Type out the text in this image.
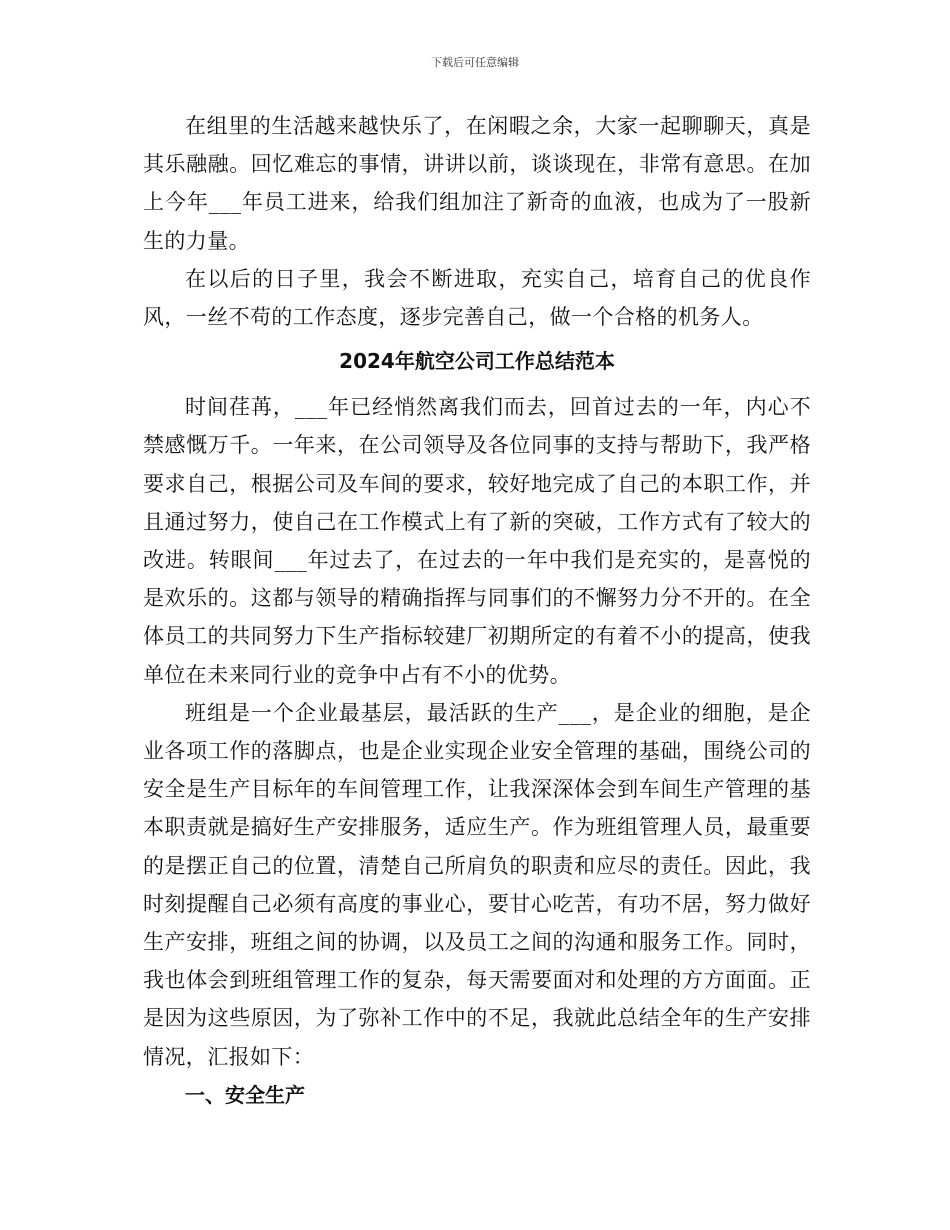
下载后可任意编辑

在组里的生活越来越快乐了，在闲暇之余，大家一起聊聊天，真是其乐融融。回忆难忘的事情，讲讲以前，谈谈现在，非常有意思。在加上今年___年员工进来，给我们组加注了新奇的血液，也成为了一股新生的力量。

在以后的日子里，我会不断进取，充实自己，培育自己的优良作风，一丝不苟的工作态度，逐步完善自己，做一个合格的机务人。

2024年航空公司工作总结范本

时间荏苒，___年已经悄然离我们而去，回首过去的一年，内心不禁感慨万千。一年来，在公司领导及各位同事的支持与帮助下，我严格要求自己，根据公司及车间的要求，较好地完成了自己的本职工作，并且通过努力，使自己在工作模式上有了新的突破，工作方式有了较大的改进。转眼间___年过去了，在过去的一年中我们是充实的，是喜悦的是欢乐的。这都与领导的精确指挥与同事们的不懈努力分不开的。在全体员工的共同努力下生产指标较建厂初期所定的有着不小的提高，使我单位在未来同行业的竞争中占有不小的优势。

班组是一个企业最基层，最活跃的生产___，是企业的细胞，是企业各项工作的落脚点，也是企业实现企业安全管理的基础，围绕公司的安全是生产目标年的车间管理工作，让我深深体会到车间生产管理的基本职责就是搞好生产安排服务，适应生产。作为班组管理人员，最重要的是摆正自己的位置，清楚自己所肩负的职责和应尽的责任。因此，我时刻提醒自己必须有高度的事业心，要甘心吃苦，有功不居，努力做好生产安排，班组之间的协调，以及员工之间的沟通和服务工作。同时，我也体会到班组管理工作的复杂，每天需要面对和处理的方方面面。正是因为这些原因，为了弥补工作中的不足，我就此总结全年的生产安排情况，汇报如下：

一、安全生产
